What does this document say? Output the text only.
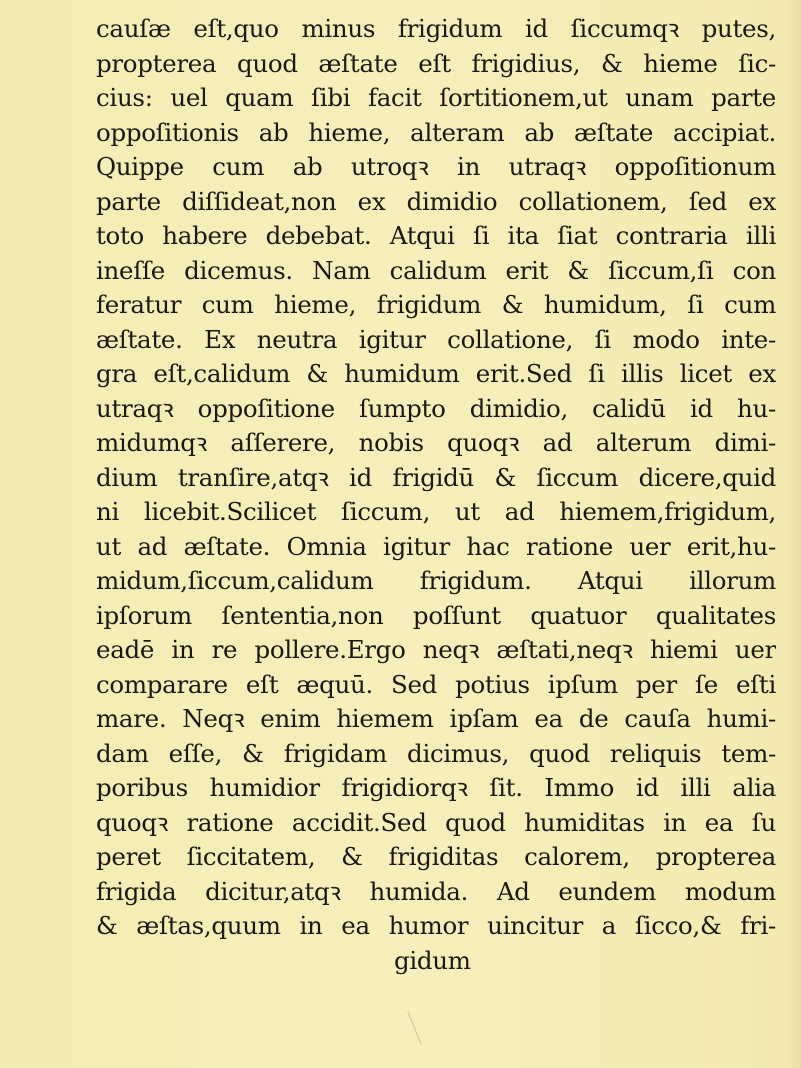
cauſæ eſt,quo minus frigidum id ſiccumqꝛ putes,
propterea quod æſtate eſt frigidius, & hieme ſic-
cius: uel quam ſibi facit ſortitionem,ut unam parte
oppoſitionis ab hieme, alteram ab æſtate accipiat.
Quippe cum ab utroqꝛ in utraqꝛ oppoſitionum
parte diſſideat,non ex dimidio collationem, ſed ex
toto habere debebat. Atqui ſi ita ſiat contraria illi
ineſſe dicemus. Nam calidum erit & ſiccum,ſi con
feratur cum hieme, frigidum & humidum, ſi cum
æſtate. Ex neutra igitur collatione, ſi modo inte-
gra eſt,calidum & humidum erit.Sed ſi illis licet ex
utraqꝛ oppoſitione ſumpto dimidio, calidū id hu-
midumqꝛ aſſerere, nobis quoqꝛ ad alterum dimi-
dium tranſire,atqꝛ id frigidū & ſiccum dicere,quid
ni licebit.Scilicet ſiccum, ut ad hiemem,frigidum,
ut ad æſtate. Omnia igitur hac ratione uer erit,hu-
midum,ſiccum,calidum frigidum. Atqui illorum
ipſorum ſententia,non poſſunt quatuor qualitates
eadē in re pollere.Ergo neqꝛ æſtati,neqꝛ hiemi uer
comparare eſt æquū. Sed potius ipſum per ſe eſti
mare. Neqꝛ enim hiemem ipſam ea de cauſa humi-
dam eſſe, & frigidam dicimus, quod reliquis tem-
poribus humidior frigidiorqꝛ ſit. Immo id illi alia
quoqꝛ ratione accidit.Sed quod humiditas in ea ſu
peret ſiccitatem, & frigiditas calorem, propterea
frigida dicitur,atqꝛ humida. Ad eundem modum
& æſtas,quum in ea humor uincitur a ſicco,& fri-
gidum
